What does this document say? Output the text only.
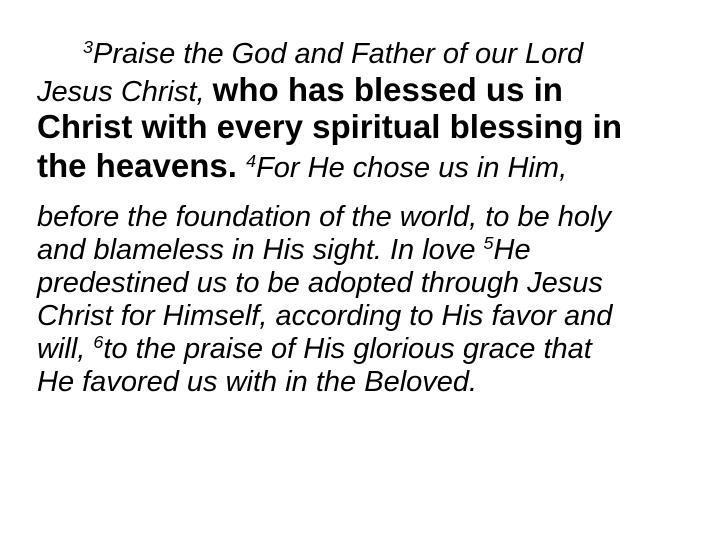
$^3$Praise the God and Father of our Lord
Jesus Christ, who has blessed us in
Christ with every spiritual blessing in
the heavens. $^4$For He chose us in Him,
before the foundation of the world, to be holy
and blameless in His sight. In love $^5$He
predestined us to be adopted through Jesus
Christ for Himself, according to His favor and
will, $^6$to the praise of His glorious grace that
He favored us with in the Beloved.
